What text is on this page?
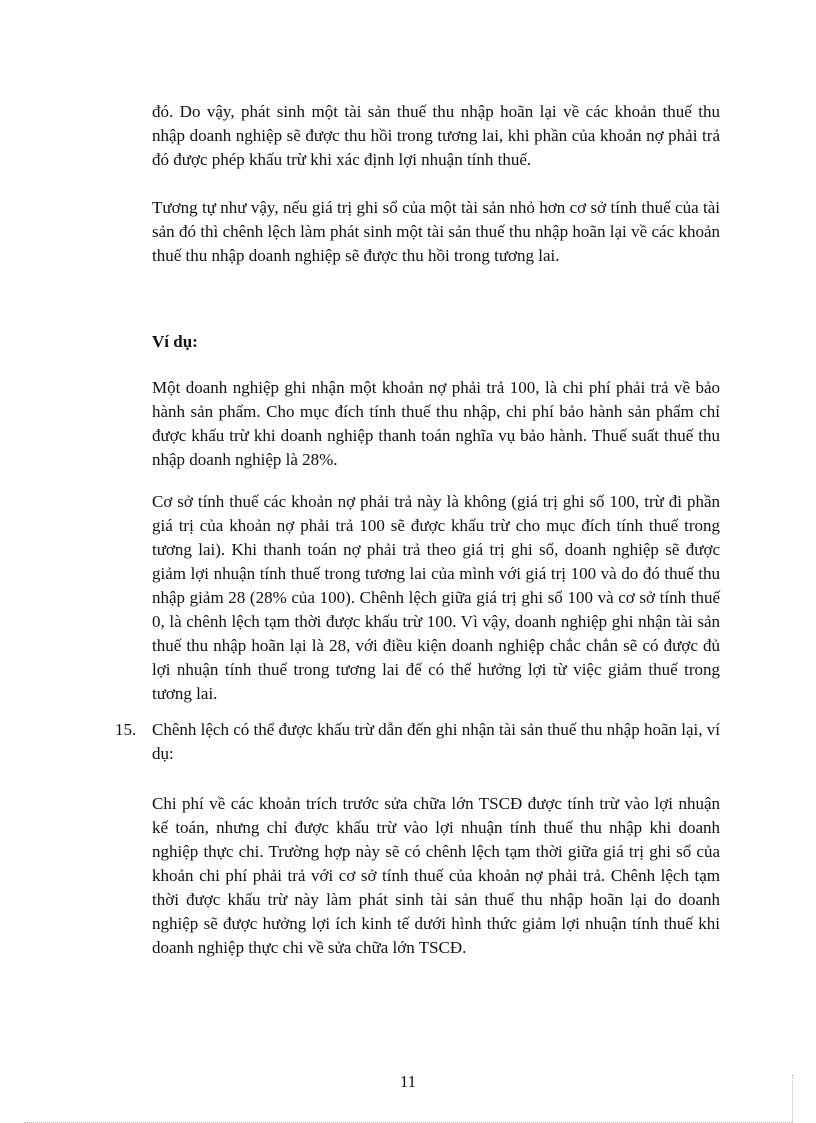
đó. Do vậy, phát sinh một tài sản thuế thu nhập hoãn lại về các khoản thuế thu nhập doanh nghiệp sẽ được thu hồi trong tương lai, khi phần của khoản nợ phải trả đó được phép khấu trừ khi xác định lợi nhuận tính thuế.

Tương tự như vậy, nếu giá trị ghi sổ của một tài sản nhỏ hơn cơ sở tính thuế của tài sản đó thì chênh lệch làm phát sinh một tài sản thuế thu nhập hoãn lại về các khoản thuế thu nhập doanh nghiệp sẽ được thu hồi trong tương lai.

Ví dụ:

Một doanh nghiệp ghi nhận một khoản nợ phải trả 100, là chi phí phải trả về bảo hành sản phẩm. Cho mục đích tính thuế thu nhập, chi phí bảo hành sản phẩm chỉ được khấu trừ khi doanh nghiệp thanh toán nghĩa vụ bảo hành. Thuế suất thuế thu nhập doanh nghiệp là 28%.

Cơ sở tính thuế các khoản nợ phải trả này là không (giá trị ghi sổ 100, trừ đi phần giá trị của khoản nợ phải trả 100 sẽ được khấu trừ cho mục đích tính thuế trong tương lai). Khi thanh toán nợ phải trả theo giá trị ghi sổ, doanh nghiệp sẽ được giảm lợi nhuận tính thuế trong tương lai của mình với giá trị 100 và do đó thuế thu nhập giảm 28 (28% của 100). Chênh lệch giữa giá trị ghi sổ 100 và cơ sở tính thuế 0, là chênh lệch tạm thời được khấu trừ 100. Vì vậy, doanh nghiệp ghi nhận tài sản thuế thu nhập hoãn lại là 28, với điều kiện doanh nghiệp chắc chắn sẽ có được đủ lợi nhuận tính thuế trong tương lai để có thể hưởng lợi từ việc giảm thuế trong tương lai.

15. Chênh lệch có thể được khấu trừ dẫn đến ghi nhận tài sản thuế thu nhập hoãn lại, ví dụ:

Chi phí về các khoản trích trước sửa chữa lớn TSCĐ được tính trừ vào lợi nhuận kế toán, nhưng chỉ được khấu trừ vào lợi nhuận tính thuế thu nhập khi doanh nghiệp thực chi. Trường hợp này sẽ có chênh lệch tạm thời giữa giá trị ghi sổ của khoản chi phí phải trả với cơ sở tính thuế của khoản nợ phải trả. Chênh lệch tạm thời được khấu trừ này làm phát sinh tài sản thuế thu nhập hoãn lại do doanh nghiệp sẽ được hưởng lợi ích kinh tế dưới hình thức giảm lợi nhuận tính thuế khi doanh nghiệp thực chi về sửa chữa lớn TSCĐ.

11
